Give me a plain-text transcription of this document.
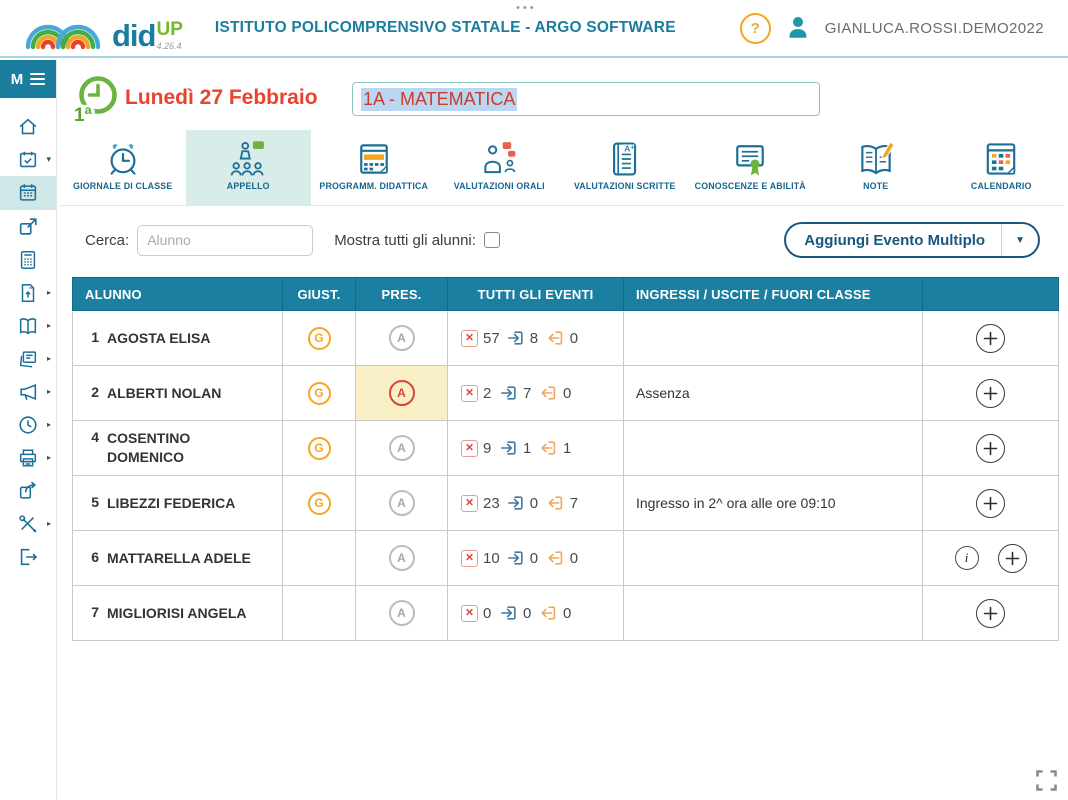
did UP
4.26.4
ISTITUTO POLICOMPRENSIVO STATALE - ARGO SOFTWARE
•••
?	GIANLUCA.ROSSI.DEMO2022
M
▾
▸
▸
▸
▸
▸
▸
▸
1ª
Lunedì 27 Febbraio	1A - MATEMATICA
GIORNALE DI CLASSE	APPELLO	PROGRAMM. DIDATTICA	VALUTAZIONI ORALI
A⁺
VALUTAZIONI SCRITTE	CONOSCENZE E ABILITÀ	NOTE	CALENDARIO
Cerca:
Alunno	Mostra tutti gli alunni:	Aggiungi Evento Multiplo	▼
ALUNNO	GIUST.	PRES.	TUTTI GLI EVENTI	INGRESSI / USCITE / FUORI CLASSE	

1 AGOSTA ELISA	G	A	✕ 57 8 0

2 ALBERTI NOLAN	G	A	✕ 2 7 0	Assenza	

4 COSENTINO DOMENICO	G	A	✕ 9 1 1

5 LIBEZZI FEDERICA	G	A	✕ 23 0 7	Ingresso in 2^ ora alle ore 09:10	

6 MATTARELLA ADELE		A	✕ 10 0 0		i

7 MIGLIORISI ANGELA		A	✕ 0 0 0
